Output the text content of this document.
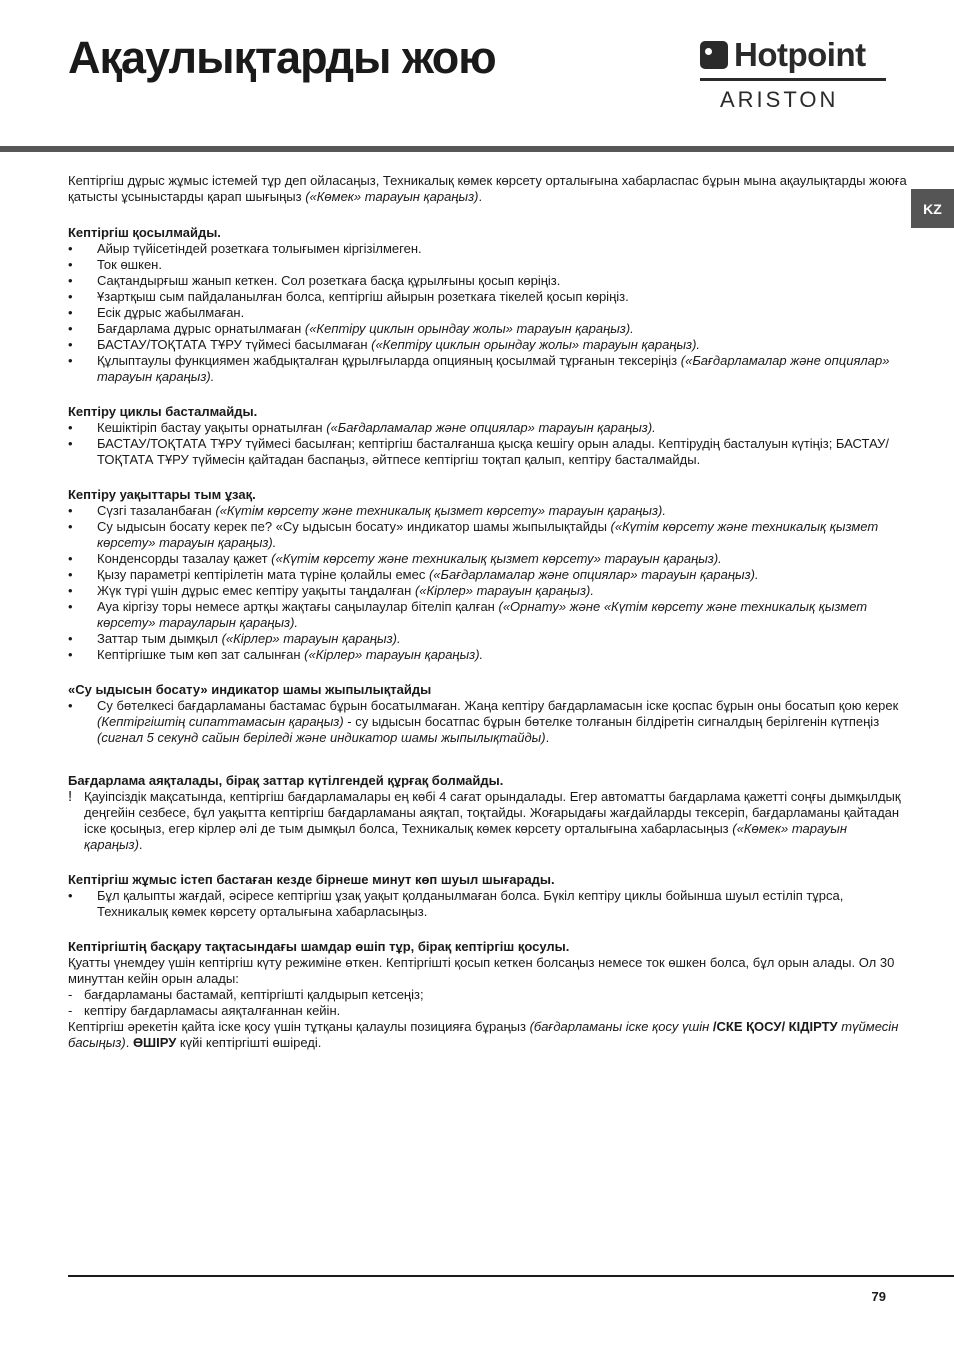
Ақаулықтарды жою	Hotpoint
ARISTON
KZ

Кептіргіш дұрыс жұмыс істемей тұр деп ойласаңыз, Техникалық көмек көрсету орталығына хабарласпас бұрын мына ақаулықтарды жоюға қатысты ұсыныстарды қарап шығыңыз («Көмек» тарауын қараңыз).

Кептіргіш қосылмайды.

• Айыр түйісетіндей розеткаға толығымен кіргізілмеген.
• Ток өшкен.
• Сақтандырғыш жанып кеткен. Сол розеткаға басқа құрылғыны қосып көріңіз.
• Ұзартқыш сым пайдаланылған болса, кептіргіш айырын розеткаға тікелей қосып көріңіз.
• Есік дұрыс жабылмаған.
• Бағдарлама дұрыс орнатылмаған («Кептіру циклын орындау жолы» тарауын қараңыз).
• БАСТАУ/ТОҚТАТА ТҰРУ түймесі басылмаған («Кептіру циклын орындау жолы» тарауын қараңыз).
• Құлыптаулы функциямен жабдықталған құрылғыларда опцияның қосылмай тұрғанын тексеріңіз («Бағдарламалар және опциялар» тарауын қараңыз).

Кептіру циклы басталмайды.

• Кешіктіріп бастау уақыты орнатылған («Бағдарламалар және опциялар» тарауын қараңыз).
• БАСТАУ/ТОҚТАТА ТҰРУ түймесі басылған; кептіргіш басталғанша қысқа кешігу орын алады. Кептірудің басталуын күтіңіз; БАСТАУ/ТОҚТАТА ТҰРУ түймесін қайтадан баспаңыз, әйтпесе кептіргіш тоқтап қалып, кептіру басталмайды.

Кептіру уақыттары тым ұзақ.

• Сүзгі тазаланбаған («Күтім көрсету және техникалық қызмет көрсету» тарауын қараңыз).
• Су ыдысын босату керек пе? «Су ыдысын босату» индикатор шамы жыпылықтайды («Күтім көрсету және техникалық қызмет көрсету» тарауын қараңыз).
• Конденсорды тазалау қажет («Күтім көрсету және техникалық қызмет көрсету» тарауын қараңыз).
• Қызу параметрі кептірілетін мата түріне қолайлы емес («Бағдарламалар және опциялар» тарауын қараңыз).
• Жүк түрі үшін дұрыс емес кептіру уақыты таңдалған («Кірлер» тарауын қараңыз).
• Ауа кіргізу торы немесе артқы жақтағы саңылаулар бітеліп қалған («Орнату» және «Күтім көрсету және техникалық қызмет көрсету» тарауларын қараңыз).
• Заттар тым дымқыл («Кірлер» тарауын қараңыз).
• Кептіргішке тым көп зат салынған («Кірлер» тарауын қараңыз).

«Су ыдысын босату» индикатор шамы жыпылықтайды

• Су бөтелкесі бағдарламаны бастамас бұрын босатылмаған. Жаңа кептіру бағдарламасын іске қоспас бұрын оны босатып қою керек (Кептіргіштің сипаттамасын қараңыз) - су ыдысын босатпас бұрын бөтелке толғанын білдіретін сигналдың берілгенін күтпеңіз (сигнал 5 секунд сайын беріледі және индикатор шамы жыпылықтайды).

Бағдарлама аяқталады, бірақ заттар күтілгендей құрғақ болмайды.

! Қауіпсіздік мақсатында, кептіргіш бағдарламалары ең көбі 4 сағат орындалады. Егер автоматты бағдарлама қажетті соңғы дымқылдық деңгейін сезбесе, бұл уақытта кептіргіш бағдарламаны аяқтап, тоқтайды. Жоғарыдағы жағдайларды тексеріп, бағдарламаны қайтадан іске қосыңыз, егер кірлер әлі де тым дымқыл болса, Техникалық көмек көрсету орталығына хабарласыңыз («Көмек» тарауын қараңыз).

Кептіргіш жұмыс істеп бастаған кезде бірнеше минут көп шуыл шығарады.

• Бұл қалыпты жағдай, әсіресе кептіргіш ұзақ уақыт қолданылмаған болса. Бүкіл кептіру циклы бойынша шуыл естіліп тұрса, Техникалық көмек көрсету орталығына хабарласыңыз.

Кептіргіштің басқару тақтасындағы шамдар өшіп тұр, бірақ кептіргіш қосулы.

Қуатты үнемдеу үшін кептіргіш күту режиміне өткен. Кептіргішті қосып кеткен болсаңыз немесе ток өшкен болса, бұл орын алады. Ол 30 минуттан кейін орын алады:

- бағдарламаны бастамай, кептіргішті қалдырып кетсеңіз;
- кептіру бағдарламасы аяқталғаннан кейін.

Кептіргіш әрекетін қайта іске қосу үшін тұтқаны қалаулы позицияға бұраңыз (бағдарламаны іске қосу үшін /СКЕ ҚОСУ/ КІДІРТУ түймесін басыңыз). ӨШІРУ күйі кептіргішті өшіреді.

79
